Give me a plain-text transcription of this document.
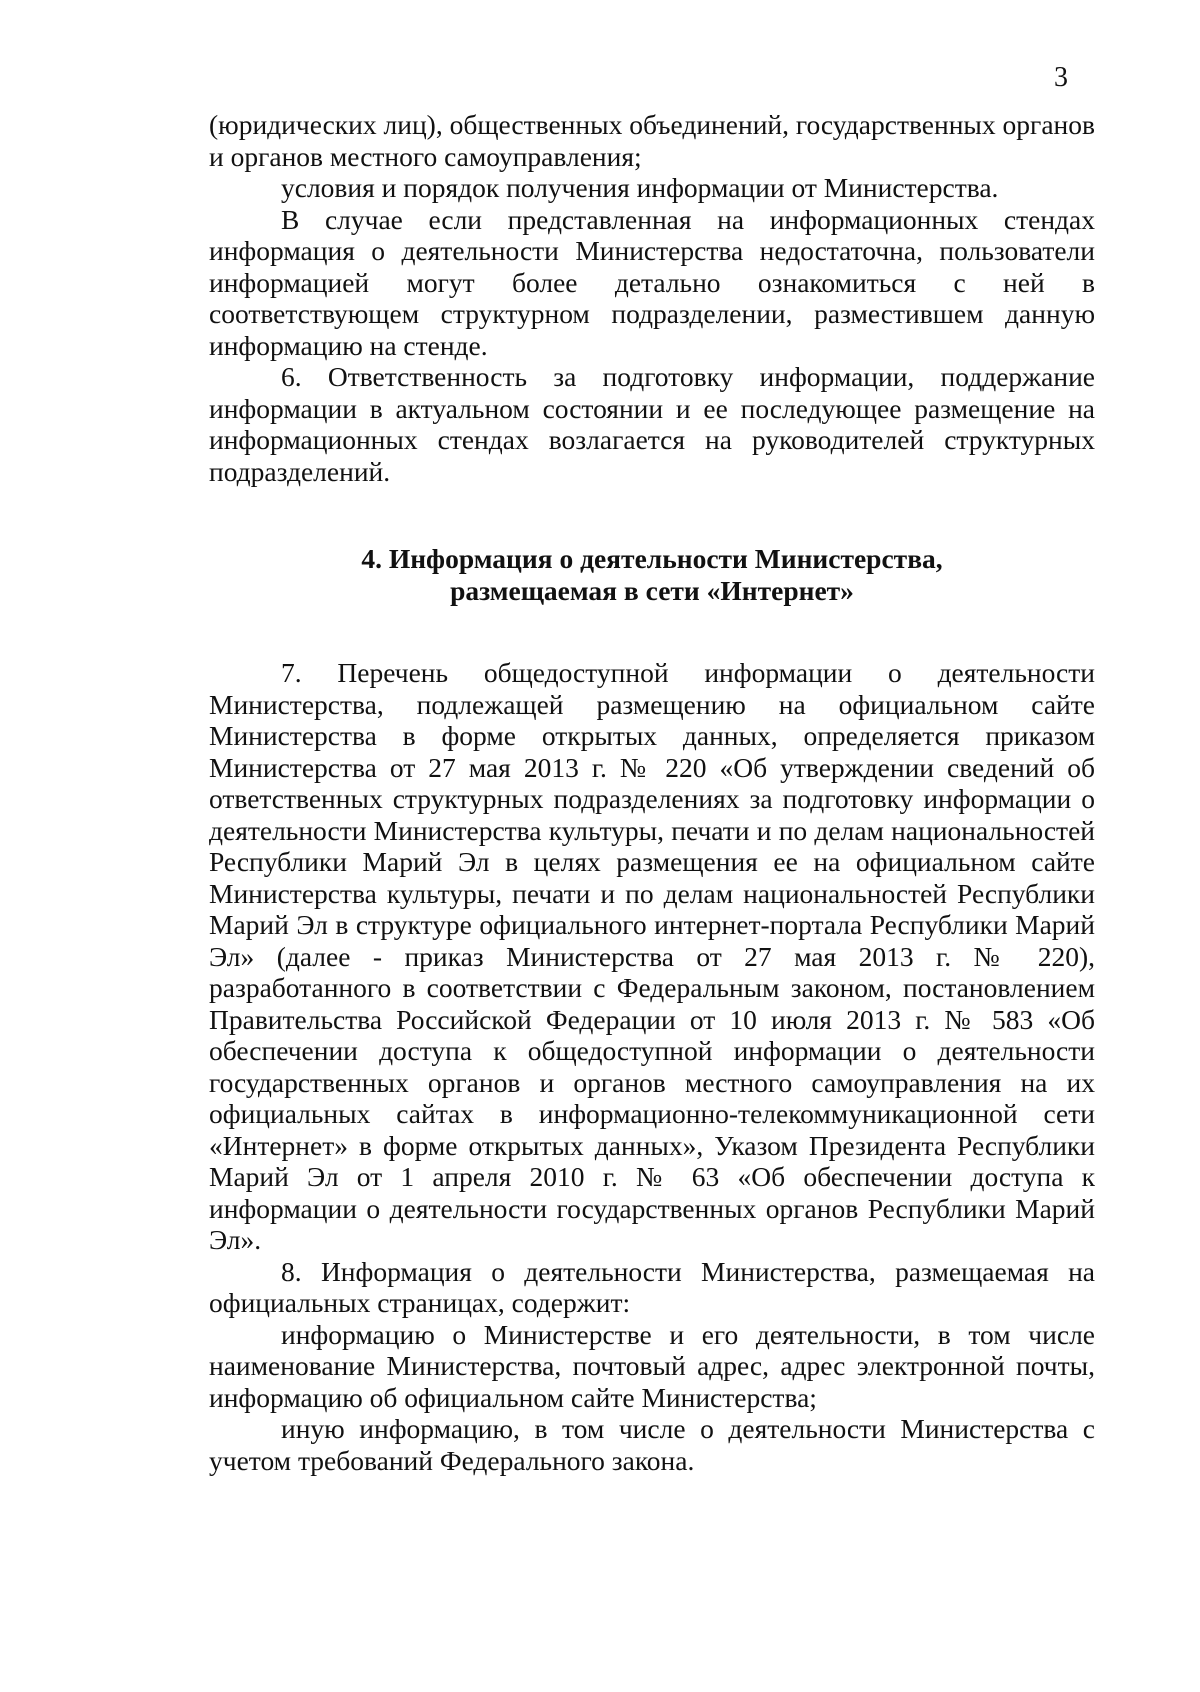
3

(юридических лиц), общественных объединений, государственных органов и органов местного самоуправления;

условия и порядок получения информации от Министерства.

В случае если представленная на информационных стендах информация о деятельности Министерства недостаточна, пользователи информацией могут более детально ознакомиться с ней в соответствующем структурном подразделении, разместившем данную информацию на стенде.

6. Ответственность за подготовку информации, поддержание информации в актуальном состоянии и ее последующее размещение на информационных стендах возлагается на руководителей структурных подразделений.

4. Информация о деятельности Министерства,
размещаемая в сети «Интернет»

7. Перечень общедоступной информации о деятельности Министерства, подлежащей размещению на официальном сайте Министерства в форме открытых данных, определяется приказом Министерства от 27 мая 2013 г. № 220 «Об утверждении сведений об ответственных структурных подразделениях за подготовку информации о деятельности Министерства культуры, печати и по делам национальностей Республики Марий Эл в целях размещения ее на официальном сайте Министерства культуры, печати и по делам национальностей Республики Марий Эл в структуре официального интернет-портала Республики Марий Эл» (далее - приказ Министерства от 27 мая 2013 г. № 220), разработанного в соответствии с Федеральным законом, постановлением Правительства Российской Федерации от 10 июля 2013 г. № 583 «Об обеспечении доступа к общедоступной информации о деятельности государственных органов и органов местного самоуправления на их официальных сайтах в информационно-телекоммуникационной сети «Интернет» в форме открытых данных», Указом Президента Республики Марий Эл от 1 апреля 2010 г. № 63 «Об обеспечении доступа к информации о деятельности государственных органов Республики Марий Эл».

8. Информация о деятельности Министерства, размещаемая на официальных страницах, содержит:

информацию о Министерстве и его деятельности, в том числе наименование Министерства, почтовый адрес, адрес электронной почты, информацию об официальном сайте Министерства;

иную информацию, в том числе о деятельности Министерства с учетом требований Федерального закона.
